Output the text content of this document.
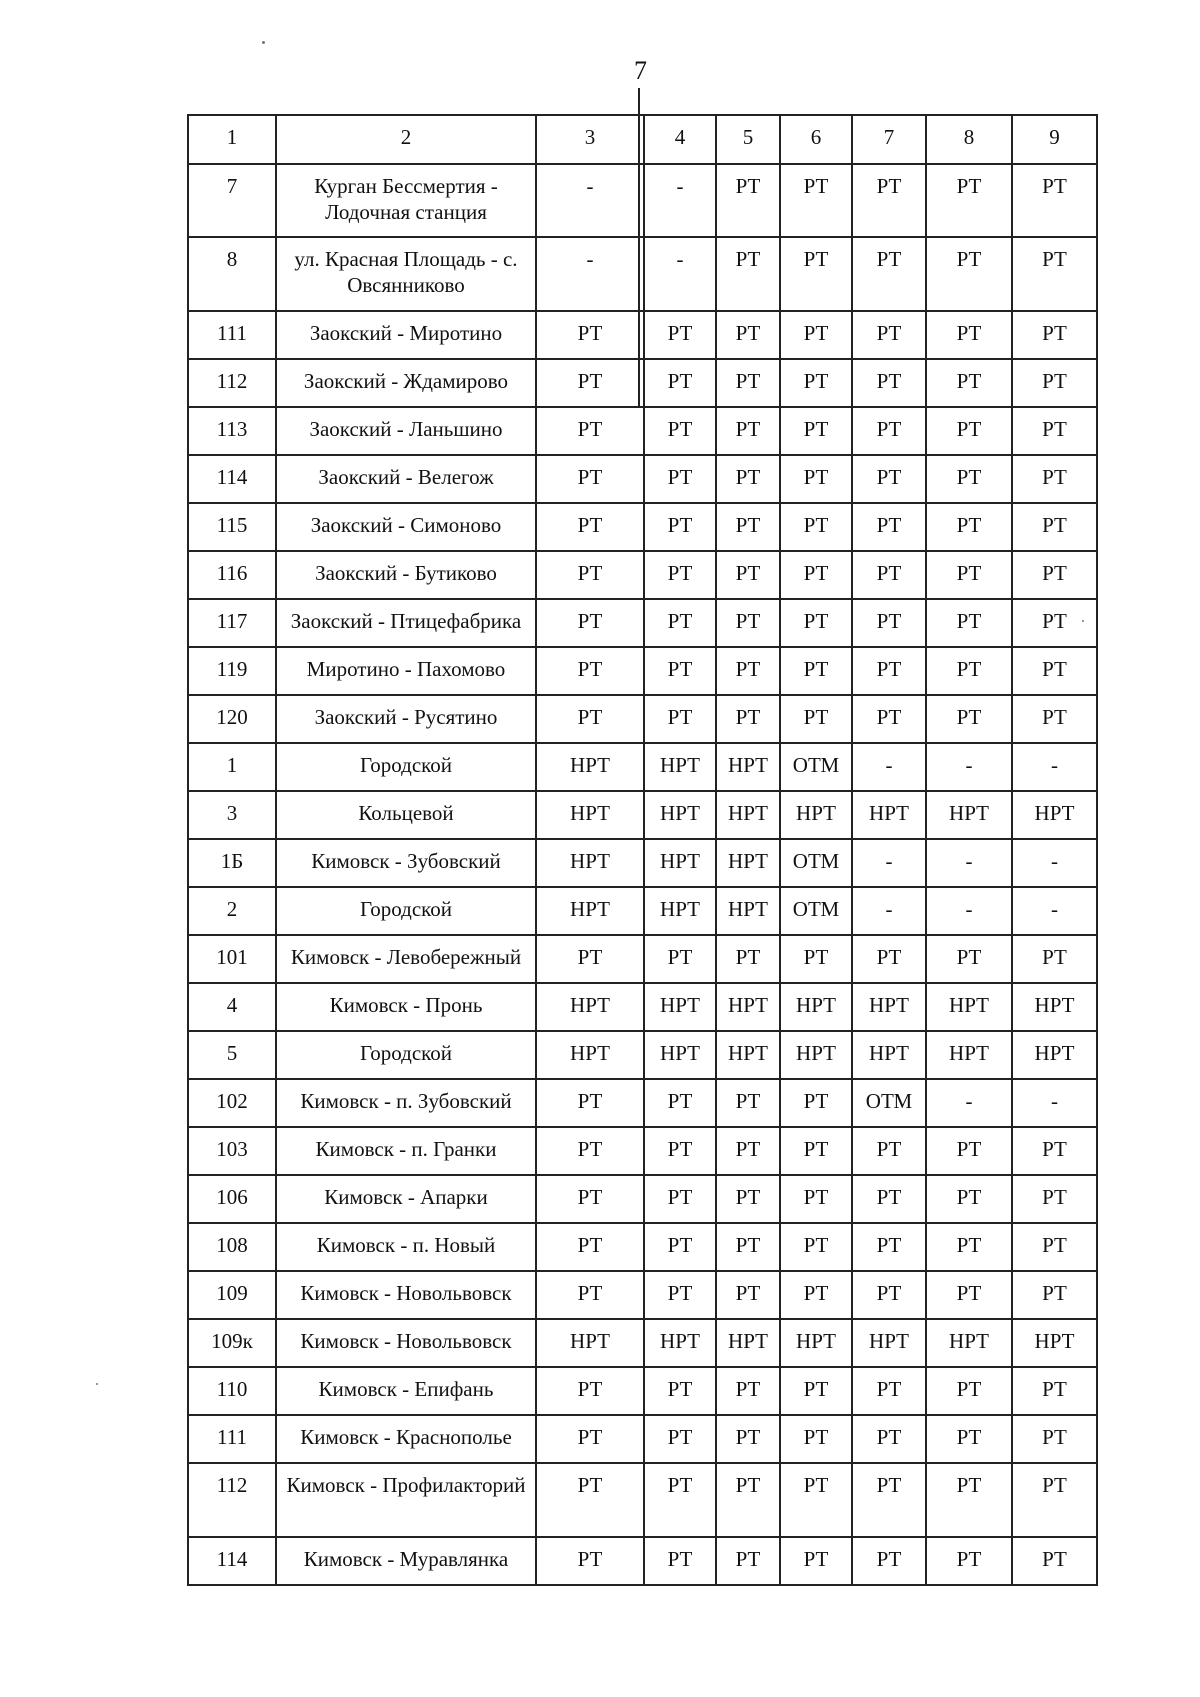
7
1	2	3	4	5	6	7	8	9
7	Курган Бессмертия - Лодочная станция	-	-	РТ	РТ	РТ	РТ	РТ
8	ул. Красная Площадь - с. Овсянниково	-	-	РТ	РТ	РТ	РТ	РТ
111	Заокский - Миротино	РТ	РТ	РТ	РТ	РТ	РТ	РТ
112	Заокский - Ждамирово	РТ	РТ	РТ	РТ	РТ	РТ	РТ
113	Заокский - Ланьшино	РТ	РТ	РТ	РТ	РТ	РТ	РТ
114	Заокский - Велегож	РТ	РТ	РТ	РТ	РТ	РТ	РТ
115	Заокский - Симоново	РТ	РТ	РТ	РТ	РТ	РТ	РТ
116	Заокский - Бутиково	РТ	РТ	РТ	РТ	РТ	РТ	РТ
117	Заокский - Птицефабрика	РТ	РТ	РТ	РТ	РТ	РТ	РТ
119	Миротино - Пахомово	РТ	РТ	РТ	РТ	РТ	РТ	РТ
120	Заокский - Русятино	РТ	РТ	РТ	РТ	РТ	РТ	РТ
1	Городской	НРТ	НРТ	НРТ	ОТМ	-	-	-
3	Кольцевой	НРТ	НРТ	НРТ	НРТ	НРТ	НРТ	НРТ
1Б	Кимовск - Зубовский	НРТ	НРТ	НРТ	ОТМ	-	-	-
2	Городской	НРТ	НРТ	НРТ	ОТМ	-	-	-
101	Кимовск - Левобережный	РТ	РТ	РТ	РТ	РТ	РТ	РТ
4	Кимовск - Пронь	НРТ	НРТ	НРТ	НРТ	НРТ	НРТ	НРТ
5	Городской	НРТ	НРТ	НРТ	НРТ	НРТ	НРТ	НРТ
102	Кимовск - п. Зубовский	РТ	РТ	РТ	РТ	ОТМ	-	-
103	Кимовск - п. Гранки	РТ	РТ	РТ	РТ	РТ	РТ	РТ
106	Кимовск - Апарки	РТ	РТ	РТ	РТ	РТ	РТ	РТ
108	Кимовск - п. Новый	РТ	РТ	РТ	РТ	РТ	РТ	РТ
109	Кимовск - Новольвовск	РТ	РТ	РТ	РТ	РТ	РТ	РТ
109к	Кимовск - Новольвовск	НРТ	НРТ	НРТ	НРТ	НРТ	НРТ	НРТ
110	Кимовск - Епифань	РТ	РТ	РТ	РТ	РТ	РТ	РТ
111	Кимовск - Краснополье	РТ	РТ	РТ	РТ	РТ	РТ	РТ
112	Кимовск - Профилакторий	РТ	РТ	РТ	РТ	РТ	РТ	РТ
114	Кимовск - Муравлянка	РТ	РТ	РТ	РТ	РТ	РТ	РТ
